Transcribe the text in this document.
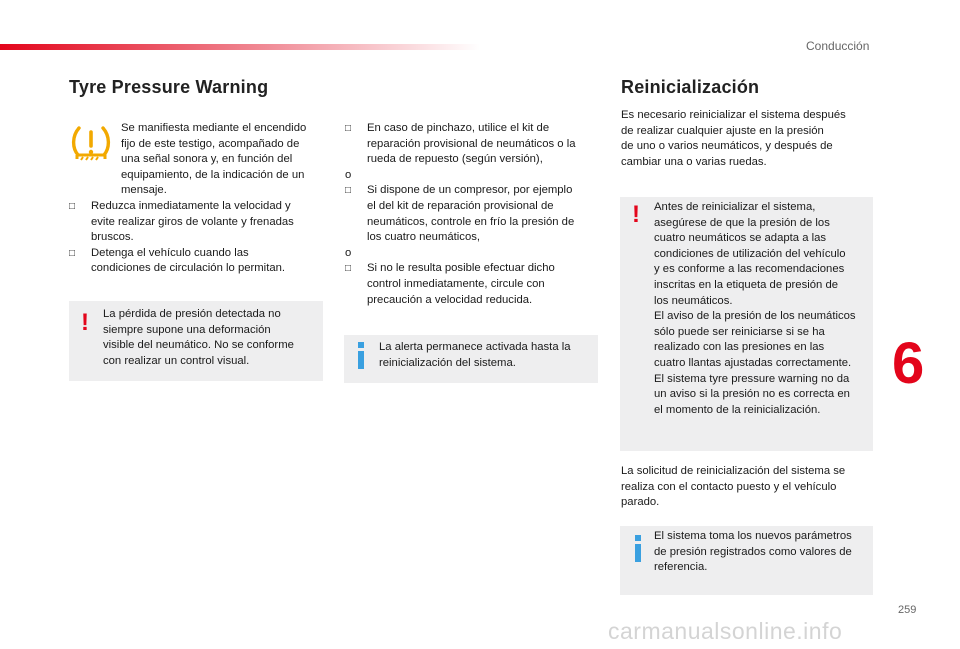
Conducción
Tyre Pressure Warning
Se manifiesta mediante el encendido
fijo de este testigo, acompañado de
una señal sonora y, en función del
equipamiento, de la indicación de un
mensaje.
□ Reduzca inmediatamente la velocidad y
evite realizar giros de volante y frenadas
bruscos.
□ Detenga el vehículo cuando las
condiciones de circulación lo permitan.
! La pérdida de presión detectada no
siempre supone una deformación
visible del neumático. No se conforme
con realizar un control visual.
□ En caso de pinchazo, utilice el kit de
reparación provisional de neumáticos o la
rueda de repuesto (según versión),
o
□ Si dispone de un compresor, por ejemplo
el del kit de reparación provisional de
neumáticos, controle en frío la presión de
los cuatro neumáticos,
o
□ Si no le resulta posible efectuar dicho
control inmediatamente, circule con
precaución a velocidad reducida.
La alerta permanece activada hasta la
reinicialización del sistema.
Reinicialización
Es necesario reinicializar el sistema después
de realizar cualquier ajuste en la presión
de uno o varios neumáticos, y después de
cambiar una o varias ruedas.
! Antes de reinicializar el sistema,
asegúrese de que la presión de los
cuatro neumáticos se adapta a las
condiciones de utilización del vehículo
y es conforme a las recomendaciones
inscritas en la etiqueta de presión de
los neumáticos.
El aviso de la presión de los neumáticos
sólo puede ser reiniciarse si se ha
realizado con las presiones en las
cuatro llantas ajustadas correctamente.
El sistema tyre pressure warning no da
un aviso si la presión no es correcta en
el momento de la reinicialización.
La solicitud de reinicialización del sistema se
realiza con el contacto puesto y el vehículo
parado.
El sistema toma los nuevos parámetros
de presión registrados como valores de
referencia.
6
259
carmanualsonline.info
